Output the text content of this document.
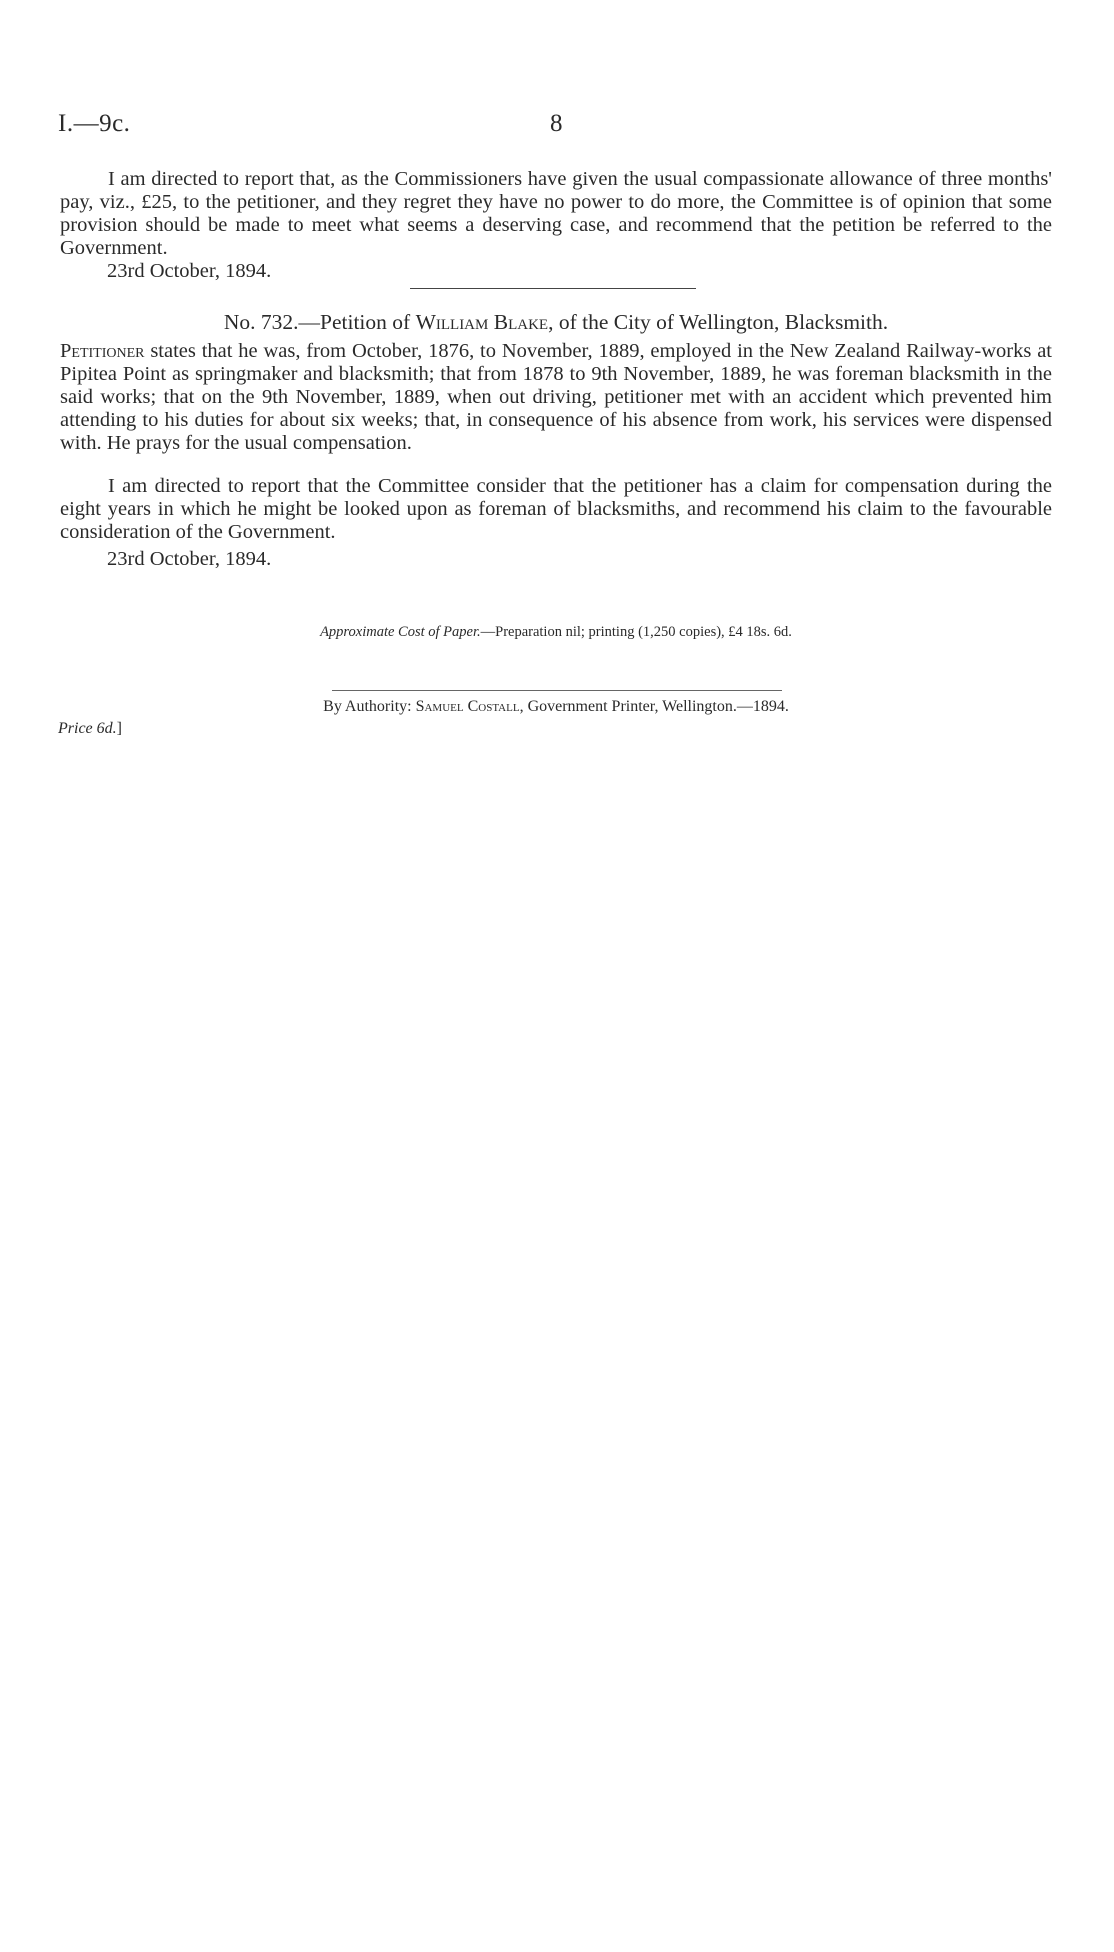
I.—9c.	8

I am directed to report that, as the Commissioners have given the usual compassionate allowance of three months' pay, viz., £25, to the petitioner, and they regret they have no power to do more, the Committee is of opinion that some provision should be made to meet what seems a deserving case, and recommend that the petition be referred to the Government.

23rd October, 1894.
No. 732.—Petition of William Blake, of the City of Wellington, Blacksmith.

Petitioner states that he was, from October, 1876, to November, 1889, employed in the New Zealand Railway-works at Pipitea Point as springmaker and blacksmith; that from 1878 to 9th November, 1889, he was foreman blacksmith in the said works; that on the 9th November, 1889, when out driving, petitioner met with an accident which prevented him attending to his duties for about six weeks; that, in consequence of his absence from work, his services were dispensed with. He prays for the usual compensation.

I am directed to report that the Committee consider that the petitioner has a claim for compensation during the eight years in which he might be looked upon as foreman of blacksmiths, and recommend his claim to the favourable consideration of the Government.

23rd October, 1894.
Approximate Cost of Paper.—Preparation nil; printing (1,250 copies), £4 18s. 6d.
By Authority: Samuel Costall, Government Printer, Wellington.—1894.
Price 6d.]
